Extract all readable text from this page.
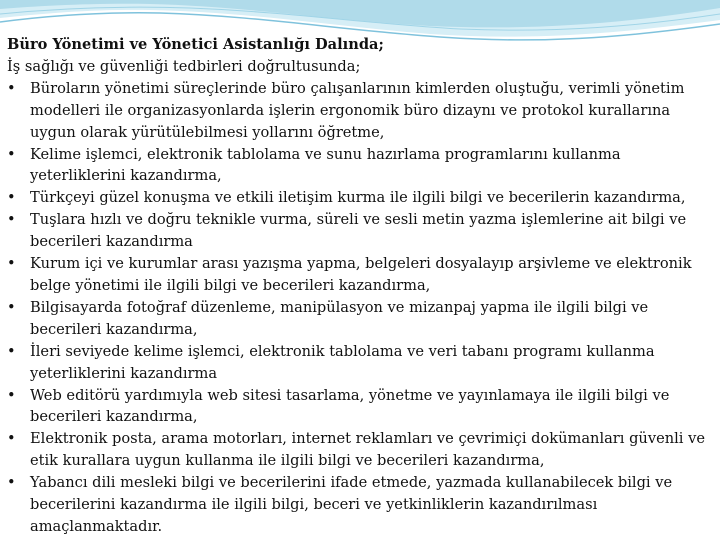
Büro Yönetimi ve Yönetici Asistanlığı Dalında;
İş sağlığı ve güvenliği tedbirleri doğrultusunda;
• Büroların yönetimi süreçlerinde büro çalışanlarının kimlerden oluştuğu, verimli yönetim modelleri ile organizasyonlarda işlerin ergonomik büro dizaynı ve protokol kurallarına uygun olarak yürütülebilmesi yollarını öğretme,
• Kelime işlemci, elektronik tablolama ve sunu hazırlama programlarını kullanma yeterliklerini kazandırma,
• Türkçeyi güzel konuşma ve etkili iletişim kurma ile ilgili bilgi ve becerilerin kazandırma,
• Tuşlara hızlı ve doğru teknikle vurma, süreli ve sesli metin yazma işlemlerine ait bilgi ve becerileri kazandırma
• Kurum içi ve kurumlar arası yazışma yapma, belgeleri dosyalayıp arşivleme ve elektronik belge yönetimi ile ilgili bilgi ve becerileri kazandırma,
• Bilgisayarda fotoğraf düzenleme, manipülasyon ve mizanpaj yapma ile ilgili bilgi ve becerileri kazandırma,
• İleri seviyede kelime işlemci, elektronik tablolama ve veri tabanı programı kullanma yeterliklerini kazandırma
• Web editörü yardımıyla web sitesi tasarlama, yönetme ve yayınlamaya ile ilgili bilgi ve becerileri kazandırma,
• Elektronik posta, arama motorları, internet reklamları ve çevrimiçi dokümanları güvenli ve etik kurallara uygun kullanma ile ilgili bilgi ve becerileri kazandırma,
• Yabancı dili mesleki bilgi ve becerilerini ifade etmede, yazmada kullanabilecek bilgi ve becerilerini kazandırma ile ilgili bilgi, beceri ve yetkinliklerin kazandırılması amaçlanmaktadır.
